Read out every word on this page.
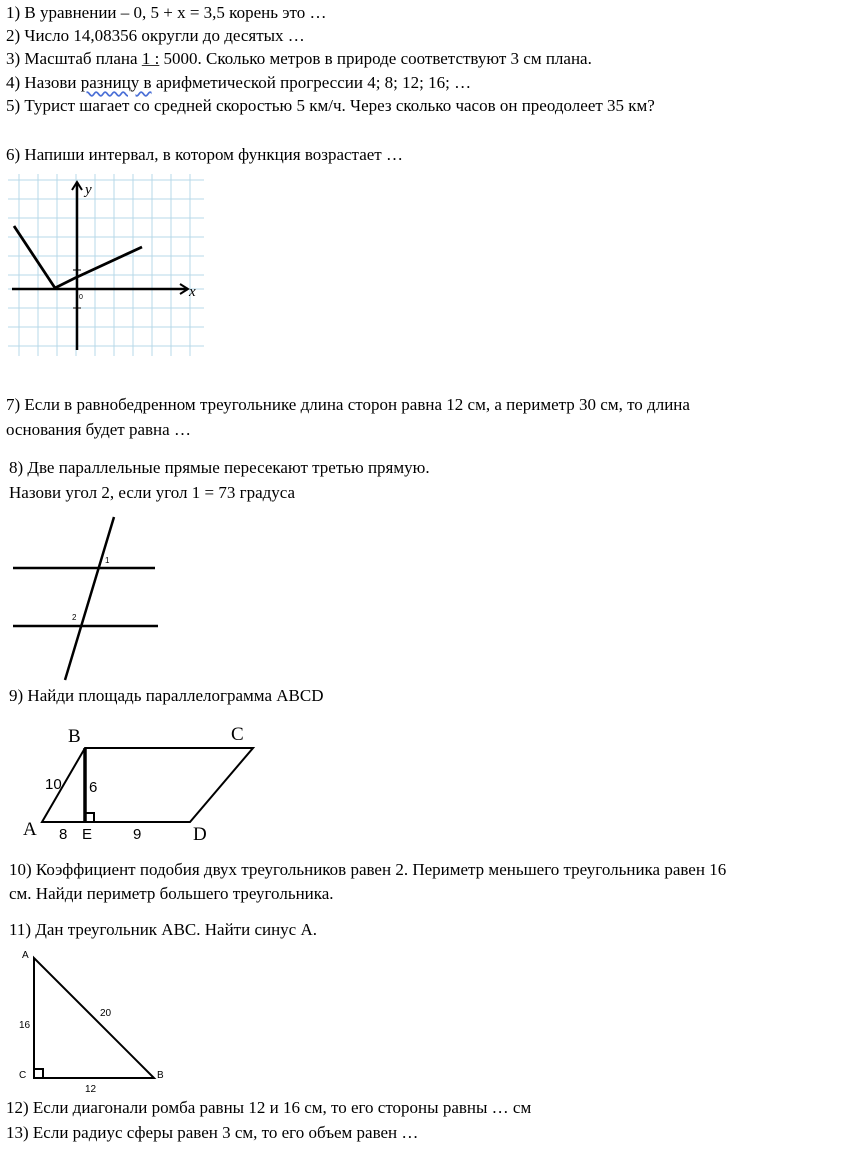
1) В уравнении – 0, 5 + x = 3,5 корень это …
2) Число 14,08356 округли до десятых …
3) Масштаб плана 1 : 5000. Сколько метров в природе соответствуют 3 см плана.
4) Назови разницу в арифметической прогрессии 4; 8; 12; 16; …
5) Турист шагает со средней скоростью 5 км/ч. Через сколько часов он преодолеет 35 км?
6) Напиши интервал, в котором функция возрастает …
y
x
0
7) Если в равнобедренном треугольнике длина сторон равна 12 см, а периметр 30 см, то длина
основания будет равна …
8) Две параллельные прямые пересекают третью прямую.
Назови угол 2, если угол 1 = 73 градуса
1
2
9) Найди площадь параллелограмма ABCD
B	C
A	D
10 6
8 E	9
10) Коэффициент подобия двух треугольников равен 2. Периметр меньшего треугольника равен 16
см. Найди периметр большего треугольника.
11) Дан треугольник ABC. Найти синус А.
A
C	B
16
20
12
12) Если диагонали ромба равны 12 и 16 см, то его стороны равны … см
13) Если радиус сферы равен 3 см, то его объем равен …
